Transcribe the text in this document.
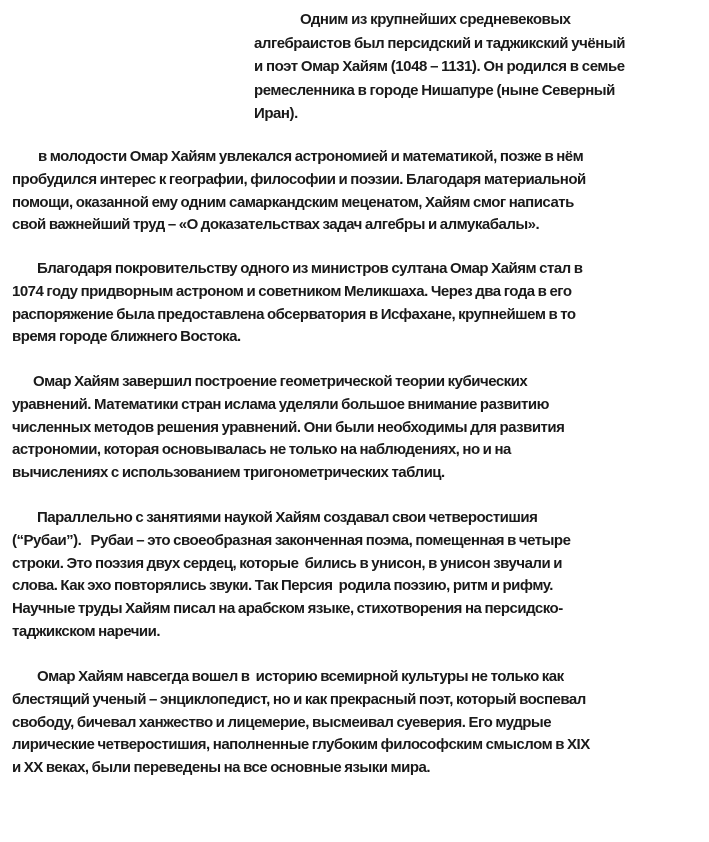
Одним из крупнейших средневековых
алгебраистов был персидский и таджикский учёный
и поэт Омар Хайям (1048 – 1131). Он родился в семье
ремесленника в городе Нишапуре (ныне Северный
Иран).
в молодости Омар Хайям увлекался астрономией и математикой, позже в нём
пробудился интерес к географии, философии и поэзии. Благодаря материальной
помощи, оказанной ему одним самаркандским меценатом, Хайям смог написать
свой важнейший труд – «О доказательствах задач алгебры и алмукабалы».
Благодаря покровительству одного из министров султана Омар Хайям стал в
1074 году придворным астроном и советником Меликшаха. Через два года в его
распоряжение была предоставлена обсерватория в Исфахане, крупнейшем в то
время городе ближнего Востока.
Омар Хайям завершил построение геометрической теории кубических
уравнений. Математики стран ислама уделяли большое внимание развитию
численных методов решения уравнений. Они были необходимы для развития
астрономии, которая основывалась не только на наблюдениях, но и на
вычислениях с использованием тригонометрических таблиц.
Параллельно с занятиями наукой Хайям создавал свои четверостишия
(“Рубаи”).   Рубаи – это своеобразная законченная поэма, помещенная в четыре
строки. Это поэзия двух сердец, которые  бились в унисон, в унисон звучали и
слова. Как эхо повторялись звуки. Так Персия  родила поэзию, ритм и рифму.
Научные труды Хайям писал на арабском языке, стихотворения на персидско-
таджикском наречии.
Омар Хайям навсегда вошел в  историю всемирной культуры не только как
блестящий ученый – энциклопедист, но и как прекрасный поэт, который воспевал
свободу, бичевал ханжество и лицемерие, высмеивал суеверия. Его мудрые
лирические четверостишия, наполненные глубоким философским смыслом в XIX
и XX веках, были переведены на все основные языки мира.
